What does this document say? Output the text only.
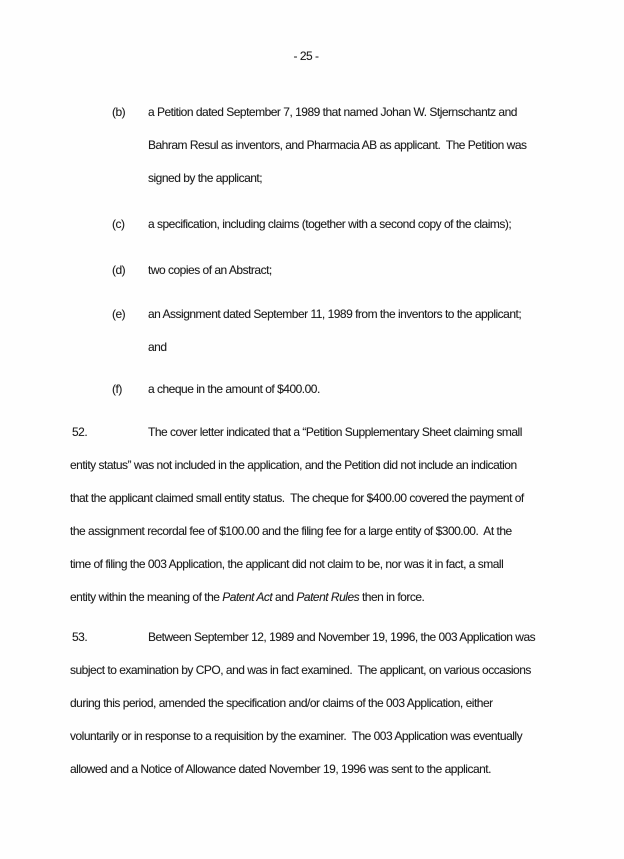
- 25 -
(b) a Petition dated September 7, 1989 that named Johan W. Stjernschantz and
Bahram Resul as inventors, and Pharmacia AB as applicant.  The Petition was
signed by the applicant;
(c) a specification, including claims (together with a second copy of the claims);
(d) two copies of an Abstract;
(e) an Assignment dated September 11, 1989 from the inventors to the applicant;
and
(f) a cheque in the amount of $400.00.
52.	The cover letter indicated that a “Petition Supplementary Sheet claiming small
entity status” was not included in the application, and the Petition did not include an indication
that the applicant claimed small entity status.  The cheque for $400.00 covered the payment of
the assignment recordal fee of $100.00 and the filing fee for a large entity of $300.00.  At the
time of filing the 003 Application, the applicant did not claim to be, nor was it in fact, a small
entity within the meaning of the Patent Act and Patent Rules then in force.
53.	Between September 12, 1989 and November 19, 1996, the 003 Application was
subject to examination by CPO, and was in fact examined.  The applicant, on various occasions
during this period, amended the specification and/or claims of the 003 Application, either
voluntarily or in response to a requisition by the examiner.  The 003 Application was eventually
allowed and a Notice of Allowance dated November 19, 1996 was sent to the applicant.
